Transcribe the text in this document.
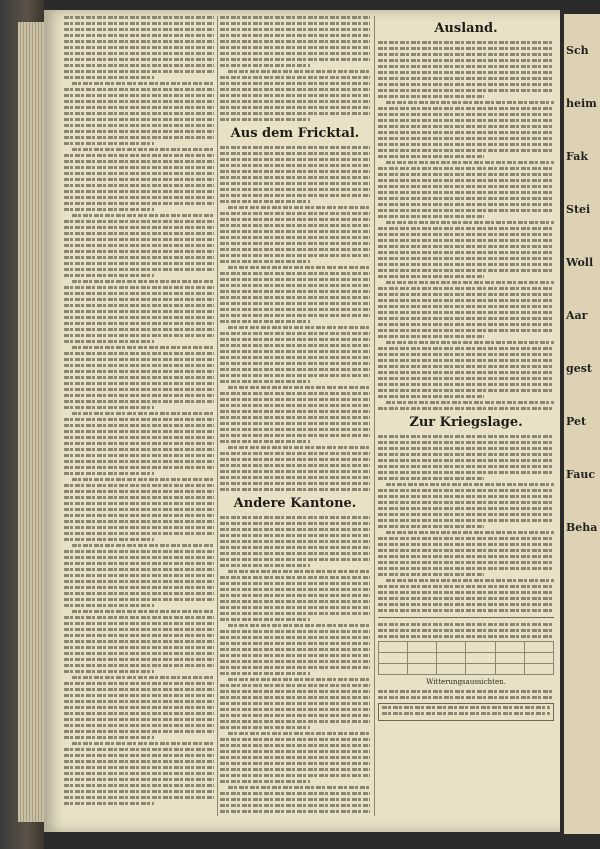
Aus dem Fricktal.
Andere Kantone.
Ausland.
Zur Kriegslage.

Witterungsaussichten.
Sch
heim
Fak
Stei
Woll
Aar
gest
Pet
Fauc
Beha
